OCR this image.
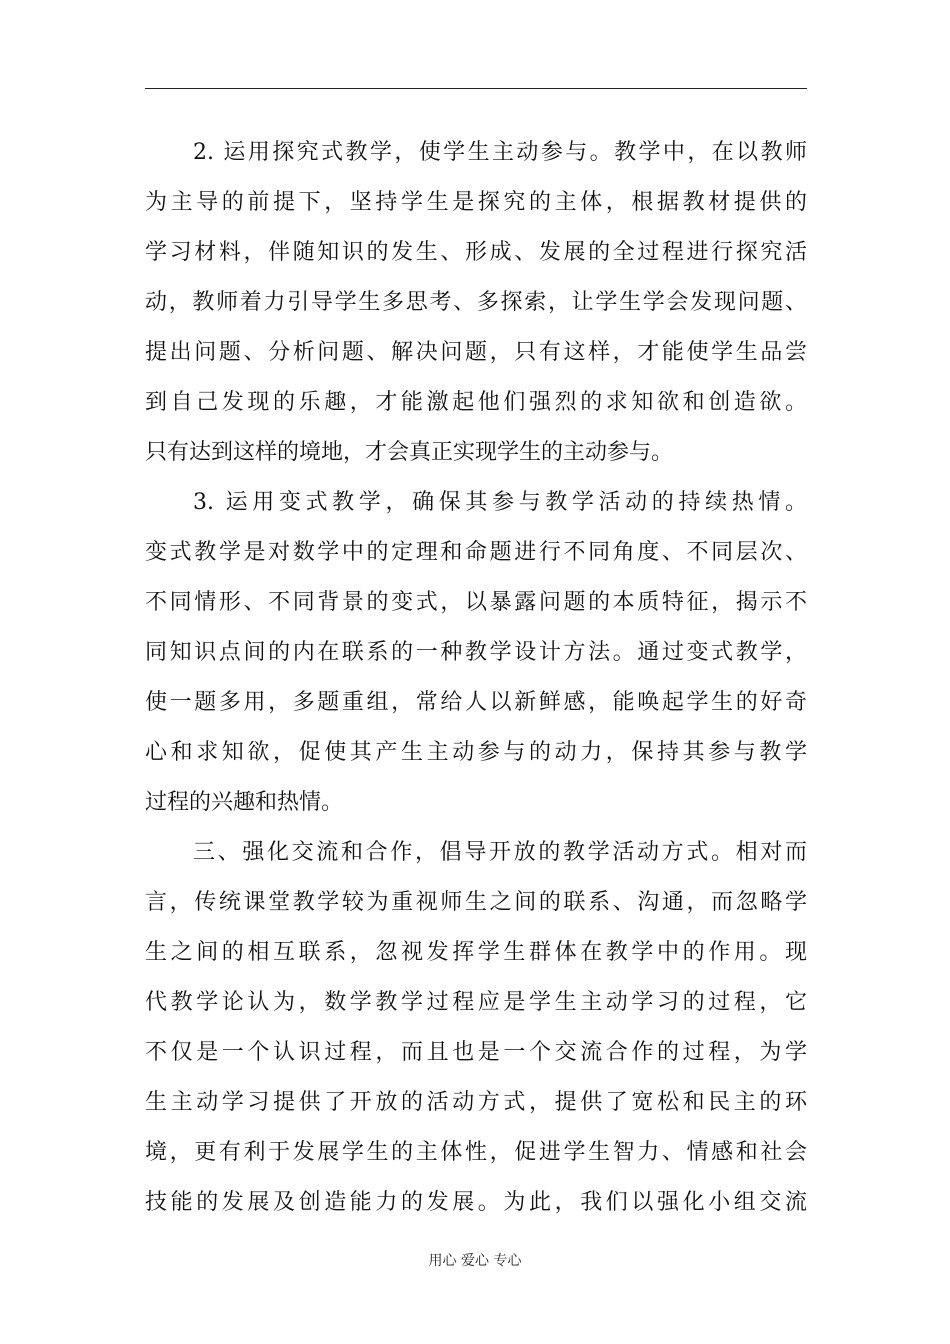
2. 运用探究式教学，使学生主动参与。教学中，在以教师
为主导的前提下，坚持学生是探究的主体，根据教材提供的
学习材料，伴随知识的发生、形成、发展的全过程进行探究活
动，教师着力引导学生多思考、多探索，让学生学会发现问题、
提出问题、分析问题、解决问题，只有这样，才能使学生品尝
到自己发现的乐趣，才能激起他们强烈的求知欲和创造欲。
只有达到这样的境地，才会真正实现学生的主动参与。
3. 运用变式教学，确保其参与教学活动的持续热情。
变式教学是对数学中的定理和命题进行不同角度、不同层次、
不同情形、不同背景的变式，以暴露问题的本质特征，揭示不
同知识点间的内在联系的一种教学设计方法。通过变式教学，
使一题多用，多题重组，常给人以新鲜感，能唤起学生的好奇
心和求知欲，促使其产生主动参与的动力，保持其参与教学
过程的兴趣和热情。
三、强化交流和合作，倡导开放的教学活动方式。相对而
言，传统课堂教学较为重视师生之间的联系、沟通，而忽略学
生之间的相互联系，忽视发挥学生群体在教学中的作用。现
代教学论认为，数学教学过程应是学生主动学习的过程，它
不仅是一个认识过程，而且也是一个交流合作的过程，为学
生主动学习提供了开放的活动方式，提供了宽松和民主的环
境，更有利于发展学生的主体性，促进学生智力、情感和社会
技能的发展及创造能力的发展。为此，我们以强化小组交流
用心 爱心 专心
